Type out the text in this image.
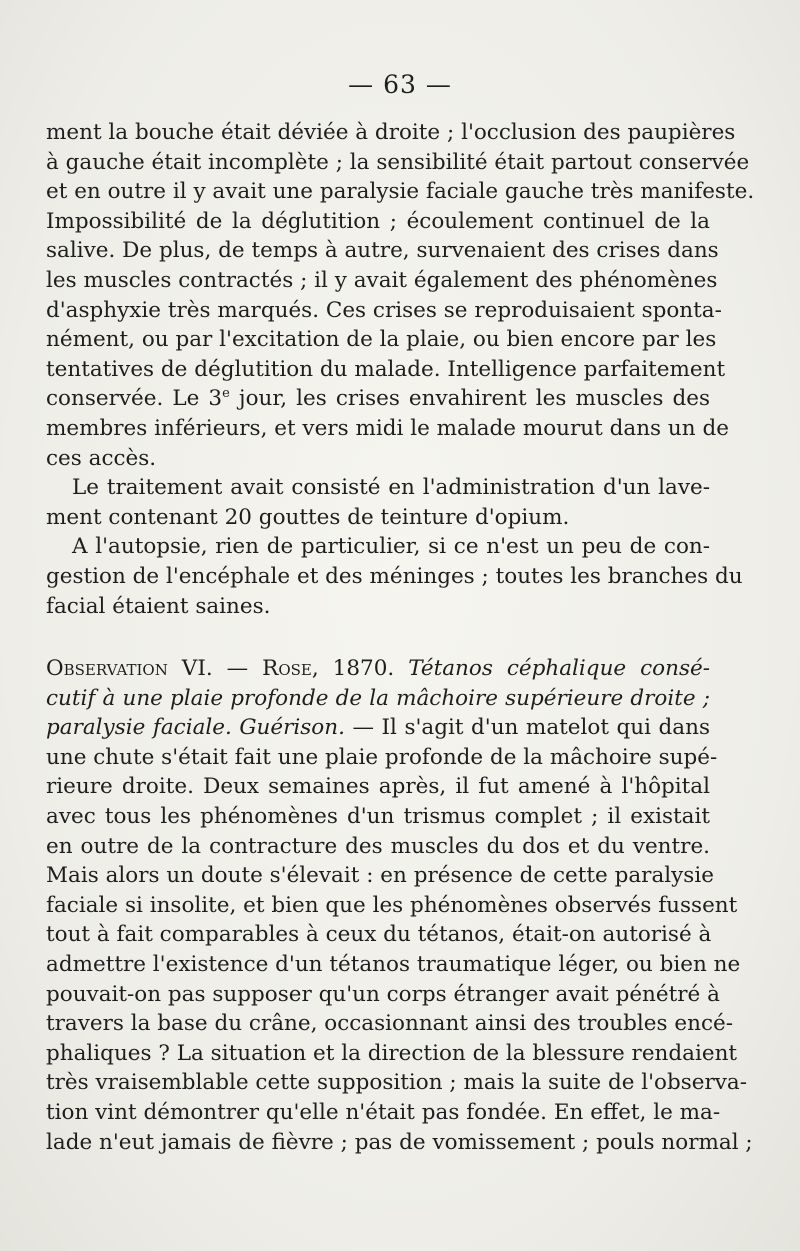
— 63 —
ment la bouche était déviée à droite ; l'occlusion des paupières
à gauche était incomplète ; la sensibilité était partout conservée
et en outre il y avait une paralysie faciale gauche très manifeste.
Impossibilité de la déglutition ; écoulement continuel de la
salive. De plus, de temps à autre, survenaient des crises dans
les muscles contractés ; il y avait également des phénomènes
d'asphyxie très marqués. Ces crises se reproduisaient sponta-
nément, ou par l'excitation de la plaie, ou bien encore par les
tentatives de déglutition du malade. Intelligence parfaitement
conservée. Le 3e jour, les crises envahirent les muscles des
membres inférieurs, et vers midi le malade mourut dans un de
ces accès.
Le traitement avait consisté en l'administration d'un lave-
ment contenant 20 gouttes de teinture d'opium.
A l'autopsie, rien de particulier, si ce n'est un peu de con-
gestion de l'encéphale et des méninges ; toutes les branches du
facial étaient saines.
Observation VI. — Rose, 1870. Tétanos céphalique consé-
cutif à une plaie profonde de la mâchoire supérieure droite ;
paralysie faciale. Guérison. — Il s'agit d'un matelot qui dans
une chute s'était fait une plaie profonde de la mâchoire supé-
rieure droite. Deux semaines après, il fut amené à l'hôpital
avec tous les phénomènes d'un trismus complet ; il existait
en outre de la contracture des muscles du dos et du ventre.
Mais alors un doute s'élevait : en présence de cette paralysie
faciale si insolite, et bien que les phénomènes observés fussent
tout à fait comparables à ceux du tétanos, était-on autorisé à
admettre l'existence d'un tétanos traumatique léger, ou bien ne
pouvait-on pas supposer qu'un corps étranger avait pénétré à
travers la base du crâne, occasionnant ainsi des troubles encé-
phaliques ? La situation et la direction de la blessure rendaient
très vraisemblable cette supposition ; mais la suite de l'observa-
tion vint démontrer qu'elle n'était pas fondée. En effet, le ma-
lade n'eut jamais de fièvre ; pas de vomissement ; pouls normal ;
